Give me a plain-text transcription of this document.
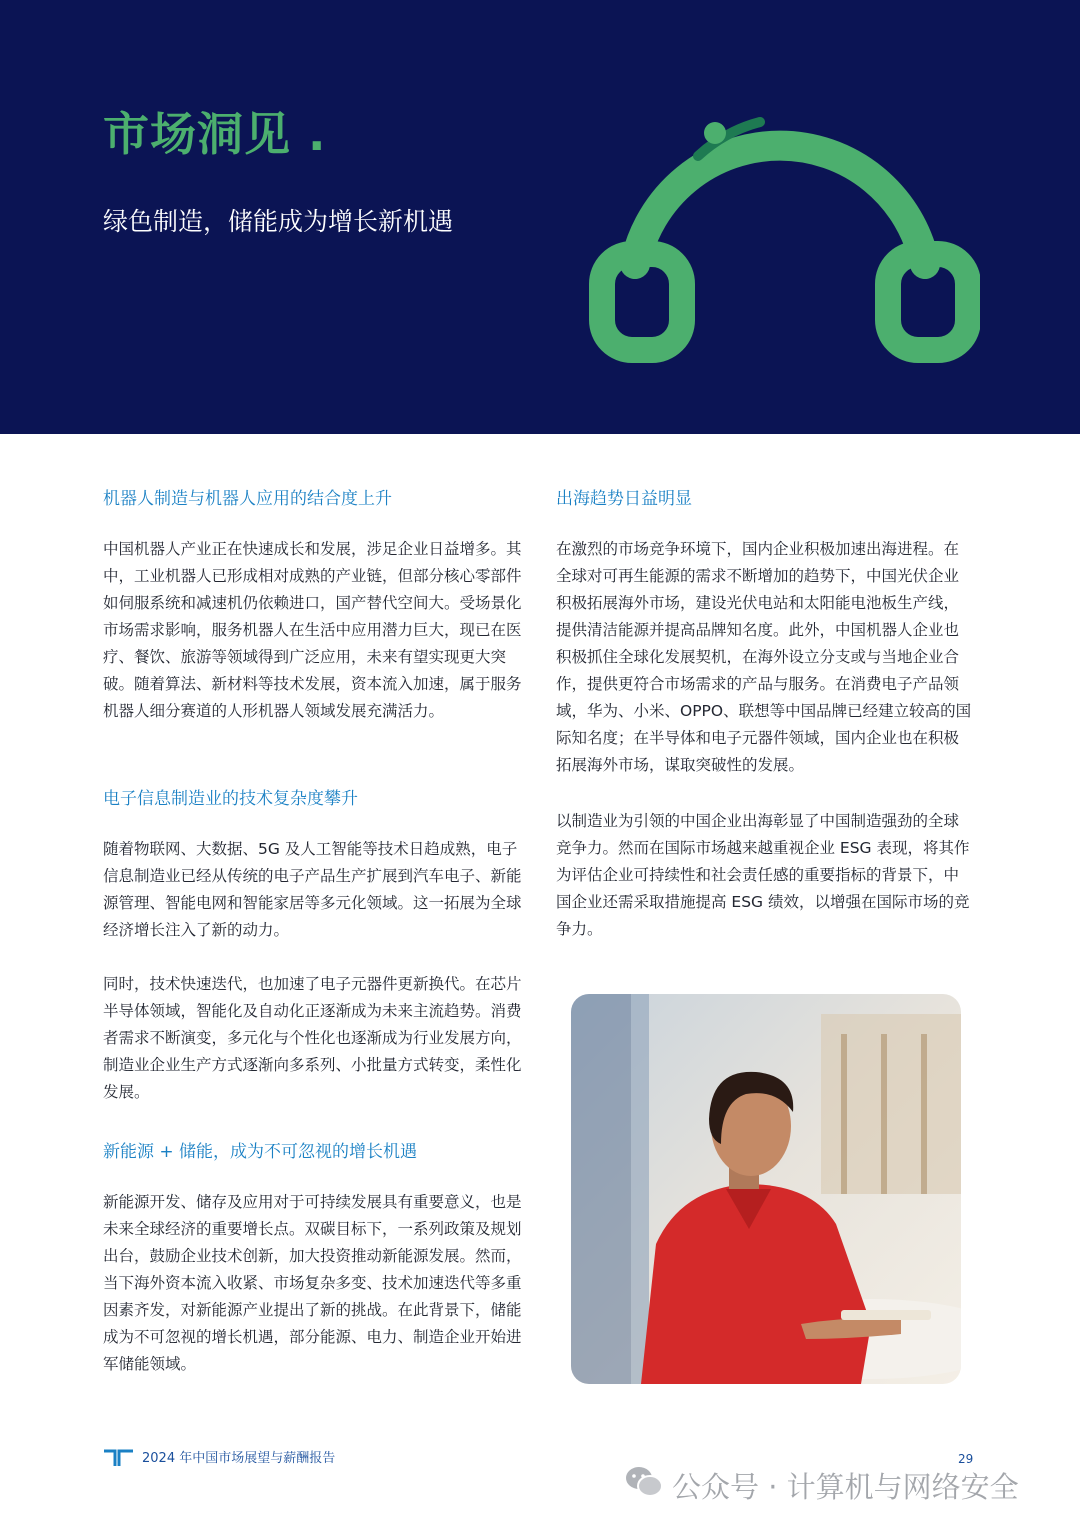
市场洞见 .
绿色制造，储能成为增长新机遇
机器人制造与机器人应用的结合度上升
中国机器人产业正在快速成长和发展，涉足企业日益增多。其中，工业机器人已形成相对成熟的产业链，但部分核心零部件如伺服系统和减速机仍依赖进口，国产替代空间大。受场景化市场需求影响，服务机器人在生活中应用潜力巨大，现已在医疗、餐饮、旅游等领域得到广泛应用，未来有望实现更大突破。随着算法、新材料等技术发展，资本流入加速，属于服务机器人细分赛道的人形机器人领域发展充满活力。
电子信息制造业的技术复杂度攀升
随着物联网、大数据、5G 及人工智能等技术日趋成熟，电子信息制造业已经从传统的电子产品生产扩展到汽车电子、新能源管理、智能电网和智能家居等多元化领域。这一拓展为全球经济增长注入了新的动力。
同时，技术快速迭代，也加速了电子元器件更新换代。在芯片半导体领域，智能化及自动化正逐渐成为未来主流趋势。消费者需求不断演变，多元化与个性化也逐渐成为行业发展方向，制造业企业生产方式逐渐向多系列、小批量方式转变，柔性化发展。
新能源 + 储能，成为不可忽视的增长机遇
新能源开发、储存及应用对于可持续发展具有重要意义，也是未来全球经济的重要增长点。双碳目标下，一系列政策及规划出台，鼓励企业技术创新，加大投资推动新能源发展。然而，当下海外资本流入收紧、市场复杂多变、技术加速迭代等多重因素齐发，对新能源产业提出了新的挑战。在此背景下，储能成为不可忽视的增长机遇，部分能源、电力、制造企业开始进军储能领域。
出海趋势日益明显
在激烈的市场竞争环境下，国内企业积极加速出海进程。在全球对可再生能源的需求不断增加的趋势下，中国光伏企业积极拓展海外市场，建设光伏电站和太阳能电池板生产线，提供清洁能源并提高品牌知名度。此外，中国机器人企业也积极抓住全球化发展契机，在海外设立分支或与当地企业合作，提供更符合市场需求的产品与服务。在消费电子产品领域，华为、小米、OPPO、联想等中国品牌已经建立较高的国际知名度；在半导体和电子元器件领域，国内企业也在积极拓展海外市场，谋取突破性的发展。
以制造业为引领的中国企业出海彰显了中国制造强劲的全球竞争力。然而在国际市场越来越重视企业 ESG 表现，将其作为评估企业可持续性和社会责任感的重要指标的背景下，中国企业还需采取措施提高 ESG 绩效，以增强在国际市场的竞争力。
2024 年中国市场展望与薪酬报告	29
公众号 · 计算机与网络安全
